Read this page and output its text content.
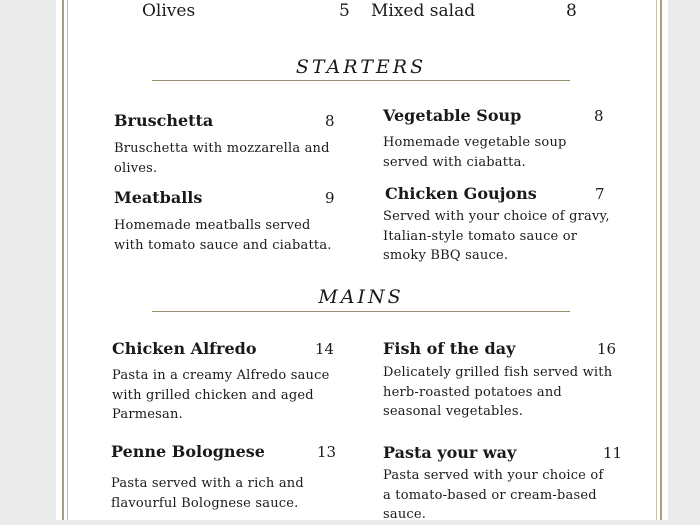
Olives	5 Mixed salad	8
STARTERS
Bruschetta	8
Bruschetta with mozzarella and olives.
Vegetable Soup	8
Homemade vegetable soup served with ciabatta.
Meatballs	9
Homemade meatballs served with tomato sauce and ciabatta.
Chicken Goujons	7
Served with your choice of gravy, Italian-style tomato sauce or smoky BBQ sauce.
MAINS
Chicken Alfredo	14
Pasta in a creamy Alfredo sauce with grilled chicken and aged Parmesan.
Fish of the day	16
Delicately grilled fish served with herb-roasted potatoes and seasonal vegetables.
Penne Bolognese	13
Pasta served with a rich and flavourful Bolognese sauce.
Pasta your way	11
Pasta served with your choice of a tomato-based or cream-based sauce.
